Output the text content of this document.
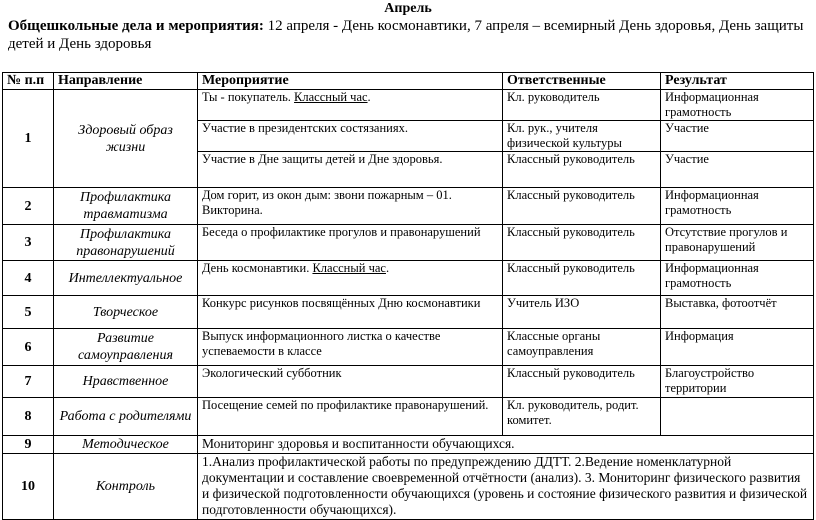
Апрель
Общешкольные дела и мероприятия: 12 апреля - День космонавтики, 7 апреля – всемирный День здоровья, День защиты детей и День здоровья
№ п.п	Направление	Мероприятие	Ответственные	Результат
1	Здоровый образ жизни	Ты - покупатель. Классный час.	Кл. руководитель	Информационная грамотность
		Участие в президентских состязаниях.	Кл. рук., учителя физической культуры	Участие
		Участие в Дне защиты детей и Дне здоровья.	Классный руководитель	Участие
2	Профилактика травматизма	Дом горит, из окон дым: звони пожарным – 01. Викторина.	Классный руководитель	Информационная грамотность
3	Профилактика правонарушений	Беседа о профилактике прогулов и правонарушений	Классный руководитель	Отсутствие прогулов и правонарушений
4	Интеллектуальное	День космонавтики. Классный час.	Классный руководитель	Информационная грамотность
5	Творческое	Конкурс рисунков посвящённых Дню космонавтики	Учитель ИЗО	Выставка, фотоотчёт
6	Развитие самоуправления	Выпуск информационного листка о качестве успеваемости в классе	Классные органы самоуправления	Информация
7	Нравственное	Экологический субботник	Классный руководитель	Благоустройство территории
8	Работа с родителями	Посещение семей по профилактике правонарушений.	Кл. руководитель, родит. комитет.	
9	Методическое	Мониторинг здоровья и воспитанности обучающихся.		
10	Контроль	1.Анализ профилактической работы по предупреждению ДДТТ. 2.Ведение номенклатурной документации и составление своевременной отчётности (анализ). 3. Мониторинг физического развития и физической подготовленности обучающихся (уровень и состояние физического развития и физической подготовленности обучающихся).		
